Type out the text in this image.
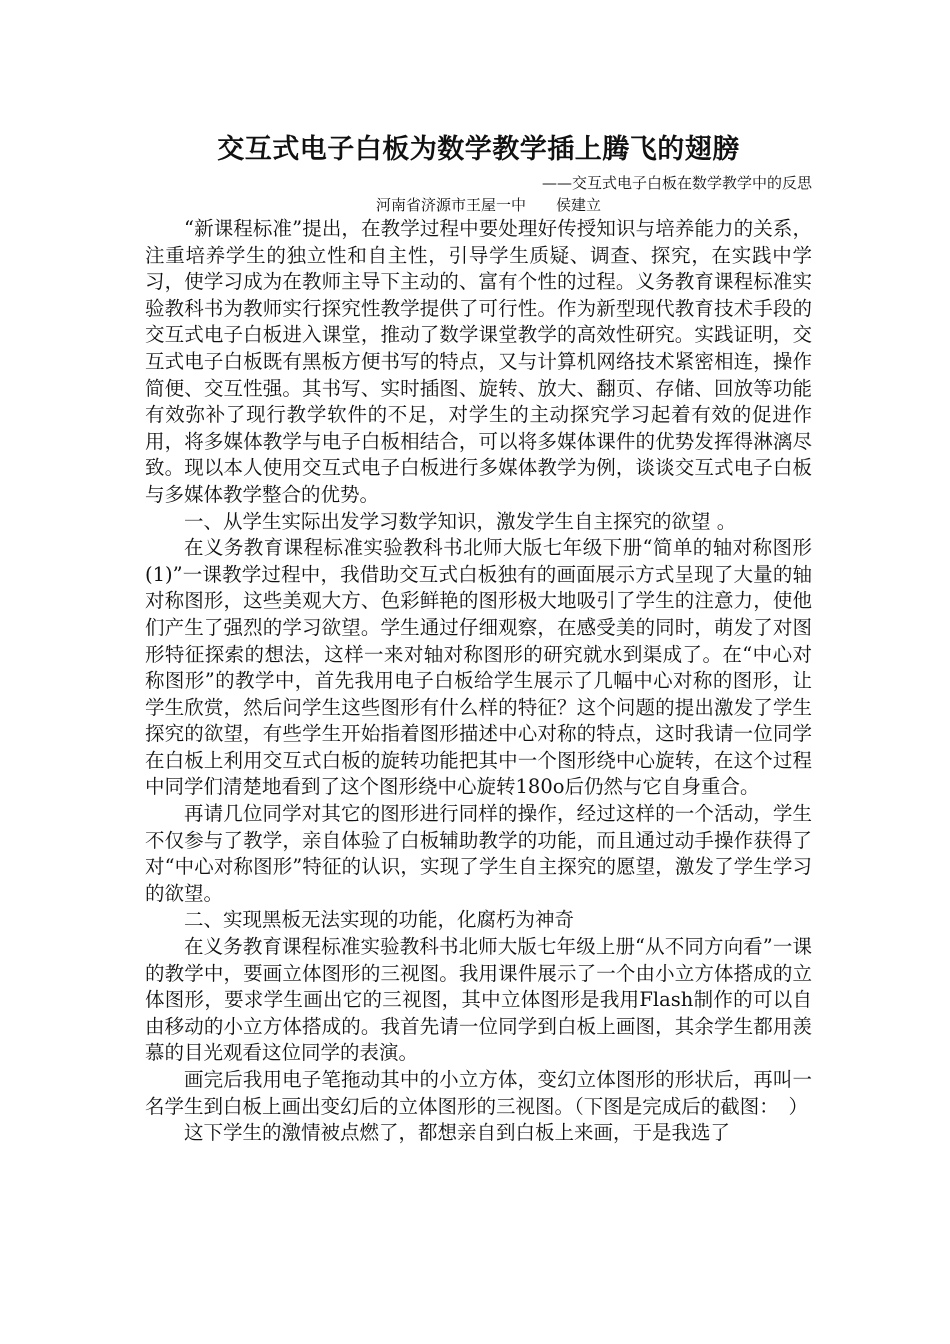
交互式电子白板为数学教学插上腾飞的翅膀
——交互式电子白板在数学教学中的反思
河南省济源市王屋一中　　侯建立

“新课程标准”提出，在教学过程中要处理好传授知识与培养能力的关系，注重培养学生的独立性和自主性，引导学生质疑、调查、探究，在实践中学习，使学习成为在教师主导下主动的、富有个性的过程。义务教育课程标准实验教科书为教师实行探究性教学提供了可行性。作为新型现代教育技术手段的交互式电子白板进入课堂，推动了数学课堂教学的高效性研究。实践证明，交互式电子白板既有黑板方便书写的特点，又与计算机网络技术紧密相连，操作简便、交互性强。其书写、实时插图、旋转、放大、翻页、存储、回放等功能有效弥补了现行教学软件的不足，对学生的主动探究学习起着有效的促进作用，将多媒体教学与电子白板相结合，可以将多媒体课件的优势发挥得淋漓尽致。现以本人使用交互式电子白板进行多媒体教学为例，谈谈交互式电子白板与多媒体教学整合的优势。

一、从学生实际出发学习数学知识，激发学生自主探究的欲望 。

在义务教育课程标准实验教科书北师大版七年级下册“简单的轴对称图形(1)”一课教学过程中，我借助交互式白板独有的画面展示方式呈现了大量的轴对称图形，这些美观大方、色彩鲜艳的图形极大地吸引了学生的注意力，使他们产生了强烈的学习欲望。学生通过仔细观察，在感受美的同时，萌发了对图形特征探索的想法，这样一来对轴对称图形的研究就水到渠成了。在“中心对称图形”的教学中，首先我用电子白板给学生展示了几幅中心对称的图形，让学生欣赏，然后问学生这些图形有什么样的特征？这个问题的提出激发了学生探究的欲望，有些学生开始指着图形描述中心对称的特点，这时我请一位同学在白板上利用交互式白板的旋转功能把其中一个图形绕中心旋转，在这个过程中同学们清楚地看到了这个图形绕中心旋转180o后仍然与它自身重合。

再请几位同学对其它的图形进行同样的操作，经过这样的一个活动，学生不仅参与了教学，亲自体验了白板辅助教学的功能，而且通过动手操作获得了对“中心对称图形”特征的认识，实现了学生自主探究的愿望，激发了学生学习的欲望。

二、实现黑板无法实现的功能，化腐朽为神奇

在义务教育课程标准实验教科书北师大版七年级上册“从不同方向看”一课的教学中，要画立体图形的三视图。我用课件展示了一个由小立方体搭成的立体图形，要求学生画出它的三视图，其中立体图形是我用Flash制作的可以自由移动的小立方体搭成的。我首先请一位同学到白板上画图，其余学生都用羡慕的目光观看这位同学的表演。

画完后我用电子笔拖动其中的小立方体，变幻立体图形的形状后，再叫一名学生到白板上画出变幻后的立体图形的三视图。（下图是完成后的截图：　）

这下学生的激情被点燃了，都想亲自到白板上来画，于是我选了
